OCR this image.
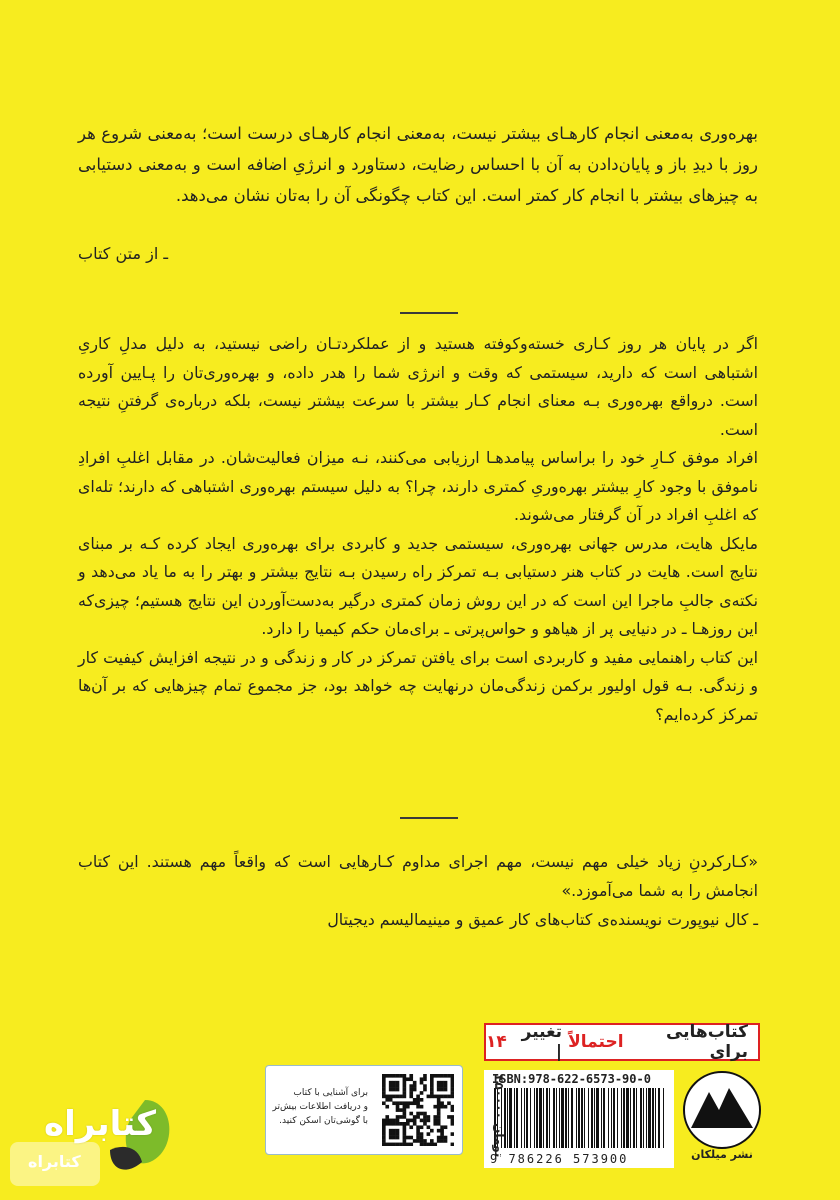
بهره‌وری به‌معنی انجام کارهـای بیشتر نیست، به‌معنی انجام کارهـای درست است؛ به‌معنی شروع هر روز با دیدِ باز و پایان‌دادن به آن با احساس رضایت، دستاورد و انرژیِ اضافه است و به‌معنی دستیابی به چیزهای بیشتر با انجام کار کمتر است. این کتاب چگونگی آن را به‌تان نشان می‌دهد.
ـ از متن کتاب

اگر در پایان هر روز کـاری خسته‌وکوفته هستید و از عملکردتـان راضی نیستید، به دلیل مدلِ کاریِ اشتباهی است که دارید، سیستمی که وقت و انرژی شما را هدر داده، و بهره‌وری‌تان را پـایین آورده است. درواقع بهره‌وری بـه معنای انجام کـار بیشتر با سرعت بیشتر نیست، بلکه درباره‌ی گرفتنِ نتیجه است.

افراد موفق کـارِ خود را براساس پیامدهـا ارزیابی می‌کنند، نـه میزان فعالیت‌شان. در مقابل اغلبِ افرادِ ناموفق با وجود کارِ بیشتر بهره‌وریِ کمتری دارند، چرا؟ به دلیل سیستم بهره‌وری اشتباهی که دارند؛ تله‌ای که اغلبِ افراد در آن گرفتار می‌شوند.

مایکل هایت، مدرس جهانی بهره‌وری، سیستمی جدید و کابردی برای بهره‌وری ایجاد کرده کـه بر مبنای نتایج است. هایت در کتاب هنر دستیابی بـه تمرکز راه رسیدن بـه نتایج بیشتر و بهتر را به ما یاد می‌دهد و نکته‌ی جالبِ ماجرا این است که در این روش زمان کمتری درگیر به‌دست‌آوردن این نتایج هستیم؛ چیزی‌که این روزهـا ـ در دنیایی پر از هیاهو و حواس‌پرتی ـ برای‌مان حکم کیمیا را دارد.

این کتاب راهنمایی مفید و کاربردی است برای یافتن تمرکز در کار و زندگی و در نتیجه افزایش کیفیت کار و زندگی. بـه قول اولیور برکمن زندگی‌مان درنهایت چه خواهد بود، جز مجموع تمام چیزهایی که بر آن‌ها تمرکز کرده‌ایم؟

«کـارکردنِ زیاد خیلی مهم نیست، مهم اجرای مداوم کـارهایی است که واقعاً مهم هستند. این کتاب انجامش را به شما می‌آموزد.»

ـ کال نیوپورت نویسنده‌ی کتاب‌های کار عمیق و مینیمالیسم دیجیتال

کتاب‌هایی برای
احتمالاً
تغییر |
۱۴
ISBN:978-622-6573-90-0
9 786226 573900
۴۵۰۰۰۰ تومان	نشر میلکان
برای آشنایی با کتاب
و دریافت اطلاعات بیش‌تر
با گوشی‌تان اسکن کنید.
کتابراه
کتابراه
